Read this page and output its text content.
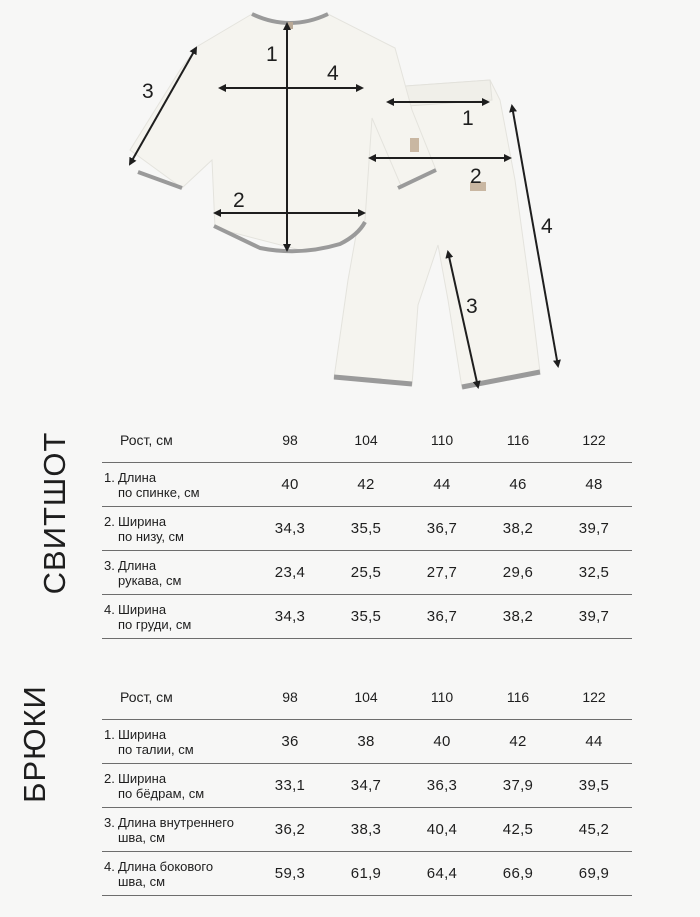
1
2
3
4
1
2
3
4
СВИТШОТ	Рост, см	98	104	110	116	122

1. Длина
по спинке, см	40	42	44	46	48

2. Ширина
по низу, см	34,3	35,5	36,7	38,2	39,7

3. Длина
рукава, см	23,4	25,5	27,7	29,6	32,5

4. Ширина
по груди, см	34,3	35,5	36,7	38,2	39,7
БРЮКИ	Рост, см	98	104	110	116	122

1. Ширина
по талии, см	36	38	40	42	44

2. Ширина
по бёдрам, см	33,1	34,7	36,3	37,9	39,5

3. Длина внутреннего
шва, см	36,2	38,3	40,4	42,5	45,2

4. Длина бокового
шва, см	59,3	61,9	64,4	66,9	69,9
